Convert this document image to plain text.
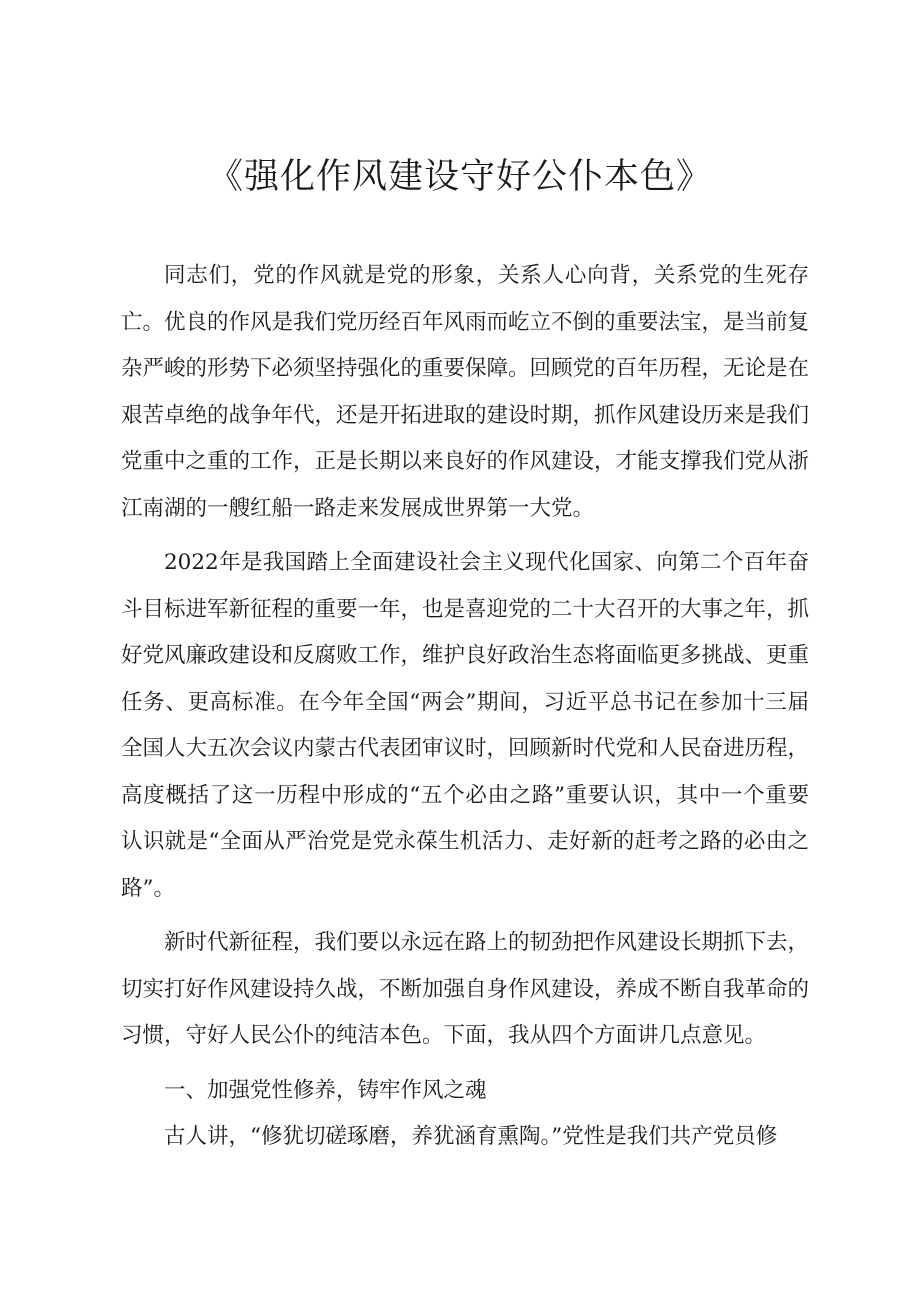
《强化作风建设守好公仆本色》

同志们，党的作风就是党的形象，关系人心向背，关系党的生死存亡。优良的作风是我们党历经百年风雨而屹立不倒的重要法宝，是当前复杂严峻的形势下必须坚持强化的重要保障。回顾党的百年历程，无论是在艰苦卓绝的战争年代，还是开拓进取的建设时期，抓作风建设历来是我们党重中之重的工作，正是长期以来良好的作风建设，才能支撑我们党从浙江南湖的一艘红船一路走来发展成世界第一大党。

2022年是我国踏上全面建设社会主义现代化国家、向第二个百年奋斗目标进军新征程的重要一年，也是喜迎党的二十大召开的大事之年，抓好党风廉政建设和反腐败工作，维护良好政治生态将面临更多挑战、更重任务、更高标准。在今年全国“两会”期间，习近平总书记在参加十三届全国人大五次会议内蒙古代表团审议时，回顾新时代党和人民奋进历程，高度概括了这一历程中形成的“五个必由之路”重要认识，其中一个重要认识就是“全面从严治党是党永葆生机活力、走好新的赶考之路的必由之路”。

新时代新征程，我们要以永远在路上的韧劲把作风建设长期抓下去，切实打好作风建设持久战，不断加强自身作风建设，养成不断自我革命的习惯，守好人民公仆的纯洁本色。下面，我从四个方面讲几点意见。

一、加强党性修养，铸牢作风之魂

古人讲，“修犹切磋琢磨，养犹涵育熏陶。”党性是我们共产党员修
